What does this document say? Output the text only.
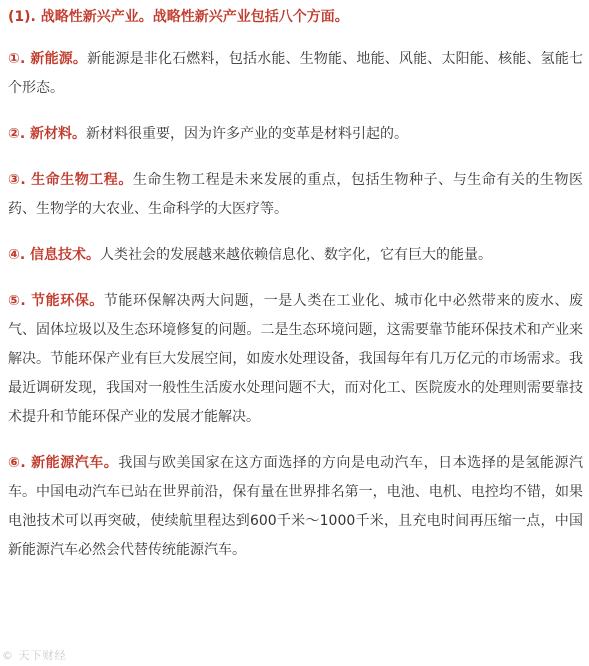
(1). 战略性新兴产业。战略性新兴产业包括八个方面。

①. 新能源。新能源是非化石燃料，包括水能、生物能、地能、风能、太阳能、核能、氢能七个形态。

②. 新材料。新材料很重要，因为许多产业的变革是材料引起的。

③. 生命生物工程。生命生物工程是未来发展的重点，包括生物种子、与生命有关的生物医药、生物学的大农业、生命科学的大医疗等。

④. 信息技术。人类社会的发展越来越依赖信息化、数字化，它有巨大的能量。

⑤. 节能环保。节能环保解决两大问题，一是人类在工业化、城市化中必然带来的废水、废气、固体垃圾以及生态环境修复的问题。二是生态环境问题，这需要靠节能环保技术和产业来解决。节能环保产业有巨大发展空间，如废水处理设备，我国每年有几万亿元的市场需求。我最近调研发现，我国对一般性生活废水处理问题不大，而对化工、医院废水的处理则需要靠技术提升和节能环保产业的发展才能解决。

⑥. 新能源汽车。我国与欧美国家在这方面选择的方向是电动汽车，日本选择的是氢能源汽车。中国电动汽车已站在世界前沿，保有量在世界排名第一，电池、电机、电控均不错，如果电池技术可以再突破，使续航里程达到600千米～1000千米，且充电时间再压缩一点，中国新能源汽车必然会代替传统能源汽车。

© 天下财经
